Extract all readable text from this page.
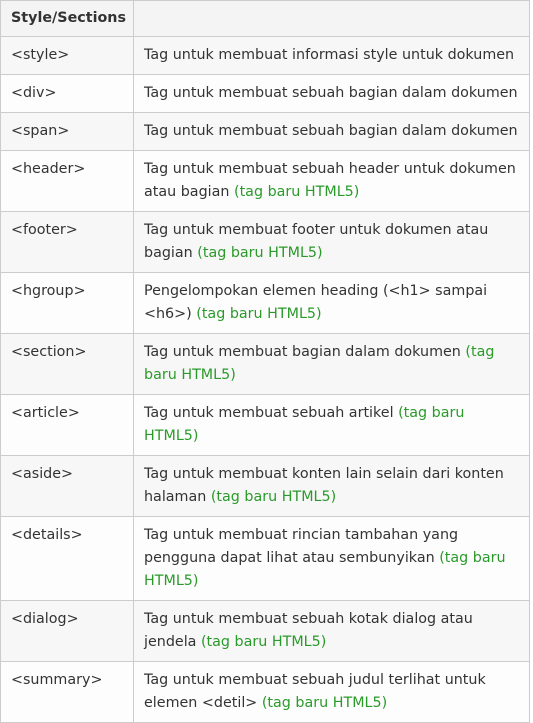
Style/Sections	
<style>	Tag untuk membuat informasi style untuk dokumen
<div>	Tag untuk membuat sebuah bagian dalam dokumen
<span>	Tag untuk membuat sebuah bagian dalam dokumen
<header>	Tag untuk membuat sebuah header untuk dokumen atau bagian (tag baru HTML5)
<footer>	Tag untuk membuat footer untuk dokumen atau bagian (tag baru HTML5)
<hgroup>	Pengelompokan elemen heading (<h1> sampai <h6>) (tag baru HTML5)
<section>	Tag untuk membuat bagian dalam dokumen (tag baru HTML5)
<article>	Tag untuk membuat sebuah artikel (tag baru HTML5)
<aside>	Tag untuk membuat konten lain selain dari konten halaman (tag baru HTML5)
<details>	Tag untuk membuat rincian tambahan yang pengguna dapat lihat atau sembunyikan (tag baru HTML5)
<dialog>	Tag untuk membuat sebuah kotak dialog atau jendela (tag baru HTML5)
<summary>	Tag untuk membuat sebuah judul terlihat untuk elemen <detil> (tag baru HTML5)
